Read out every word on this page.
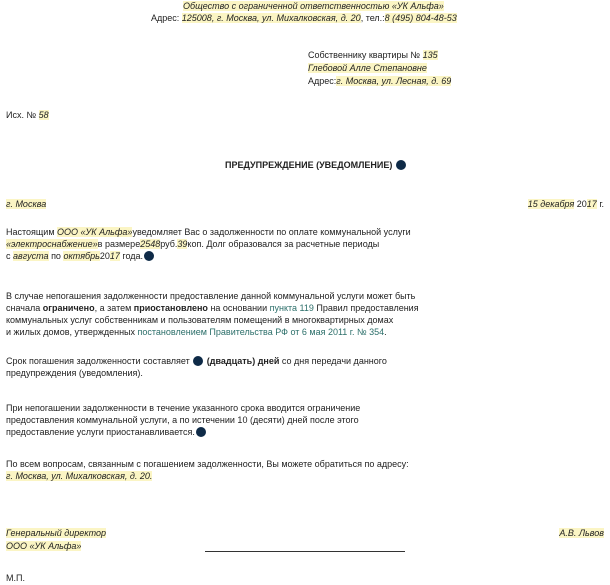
Общество с ограниченной ответственностью «УК Альфа»
Адрес: 125008, г. Москва, ул. Михалковская, д. 20, тел.:8 (495) 804-48-53
Собственнику квартиры № 135
Глебовой Алле Степановне
Адрес:г. Москва, ул. Лесная, д. 69
Исх. № 58
ПРЕДУПРЕЖДЕНИЕ (УВЕДОМЛЕНИЕ)
г. Москва	15 декабря 2017 г.

Настоящим ООО «УК Альфа»уведомляет Вас о задолженности по оплате коммунальной услуги

«электроснабжение»в размере2548руб.39коп. Долг образовался за расчетные периоды

с августа по октябрь2017 года.

В случае непогашения задолженности предоставление данной коммунальной услуги может быть

сначала ограничено, а затем приостановлено на основании пункта 119 Правил предоставления

коммунальных услуг собственникам и пользователям помещений в многоквартирных домах

и жилых домов, утвержденных постановлением Правительства РФ от 6 мая 2011 г. № 354.

Срок погашения задолженности составляет  (двадцать) дней со дня передачи данного

предупреждения (уведомления).

При непогашении задолженности в течение указанного срока вводится ограничение

предоставления коммунальной услуги, а по истечении 10 (десяти) дней после этого

предоставление услуги приостанавливается.

По всем вопросам, связанным с погашением задолженности, Вы можете обратиться по адресу:

г. Москва, ул. Михалковская, д. 20.

Генеральный директор
ООО «УК Альфа»
А.В. Львов
М.П.
